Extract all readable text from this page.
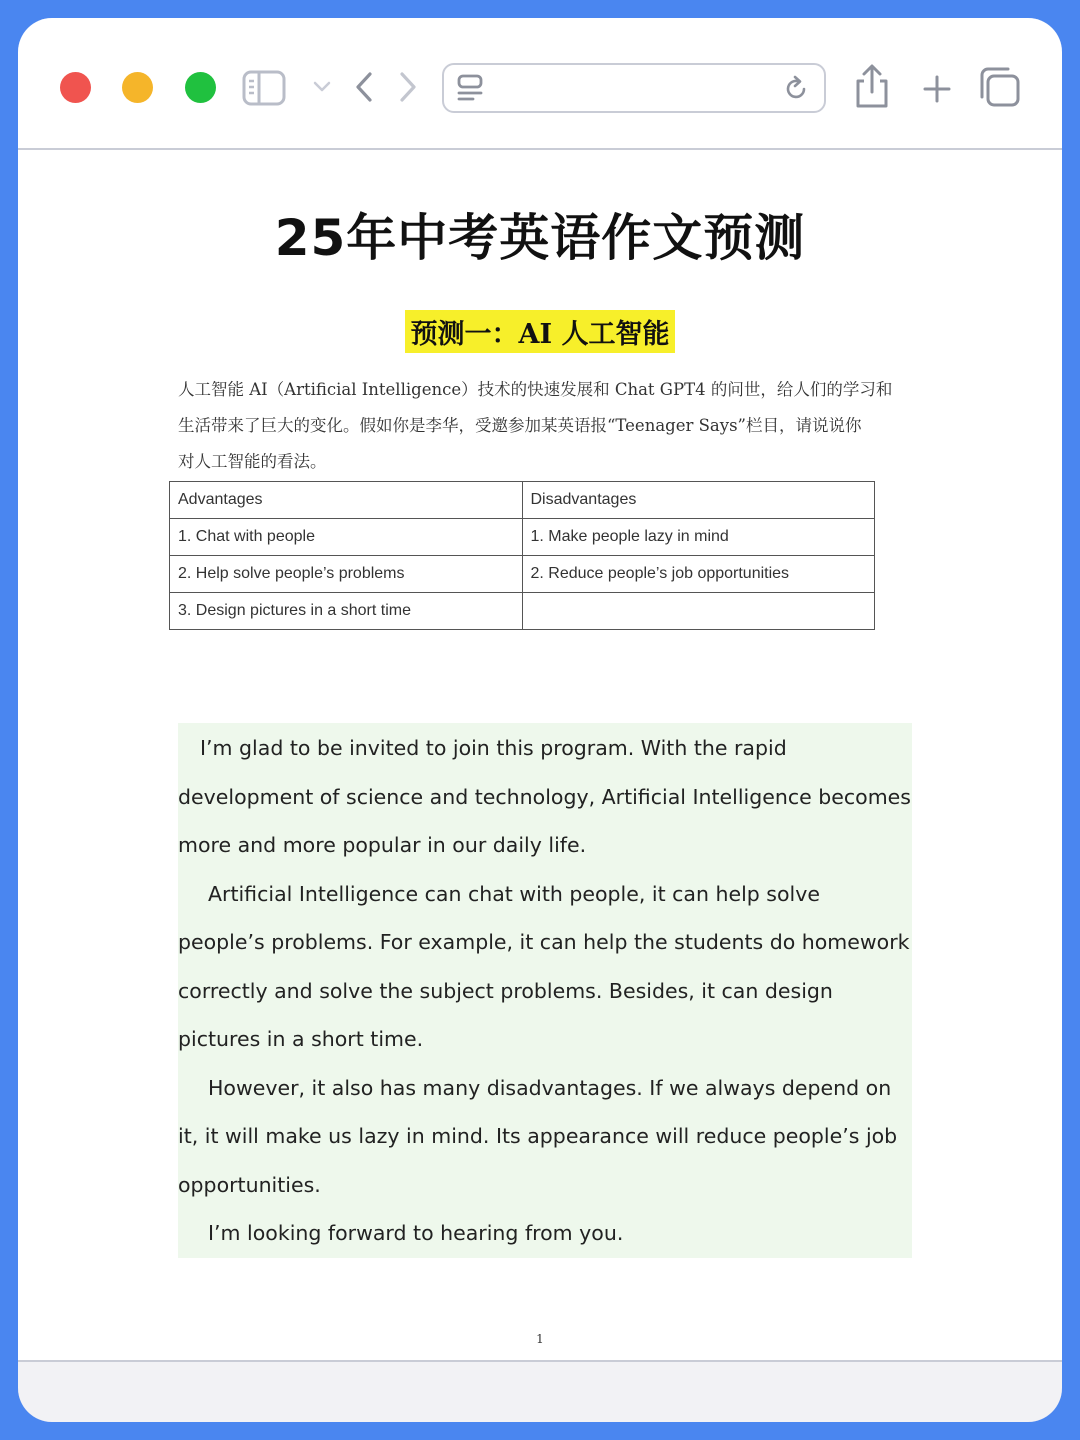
25年中考英语作文预测
预测一：AI 人工智能
人工智能 AI（Artificial Intelligence）技术的快速发展和 Chat GPT4 的问世，给人们的学习和
生活带来了巨大的变化。假如你是李华，受邀参加某英语报“Teenager Says”栏目，请说说你
对人工智能的看法。
Advantages	Disadvantages
1. Chat with people	1. Make people lazy in mind
2. Help solve people’s problems	2. Reduce people’s job opportunities
3. Design pictures in a short time	

I’m glad to be invited to join this program. With the rapid development of science and technology, Artificial Intelligence becomes more and more popular in our daily life.

Artificial Intelligence can chat with people, it can help solve people’s problems. For example, it can help the students do homework correctly and solve the subject problems. Besides, it can design pictures in a short time.

However, it also has many disadvantages. If we always depend on it, it will make us lazy in mind. Its appearance will reduce people’s job opportunities.

I’m looking forward to hearing from you.

1
